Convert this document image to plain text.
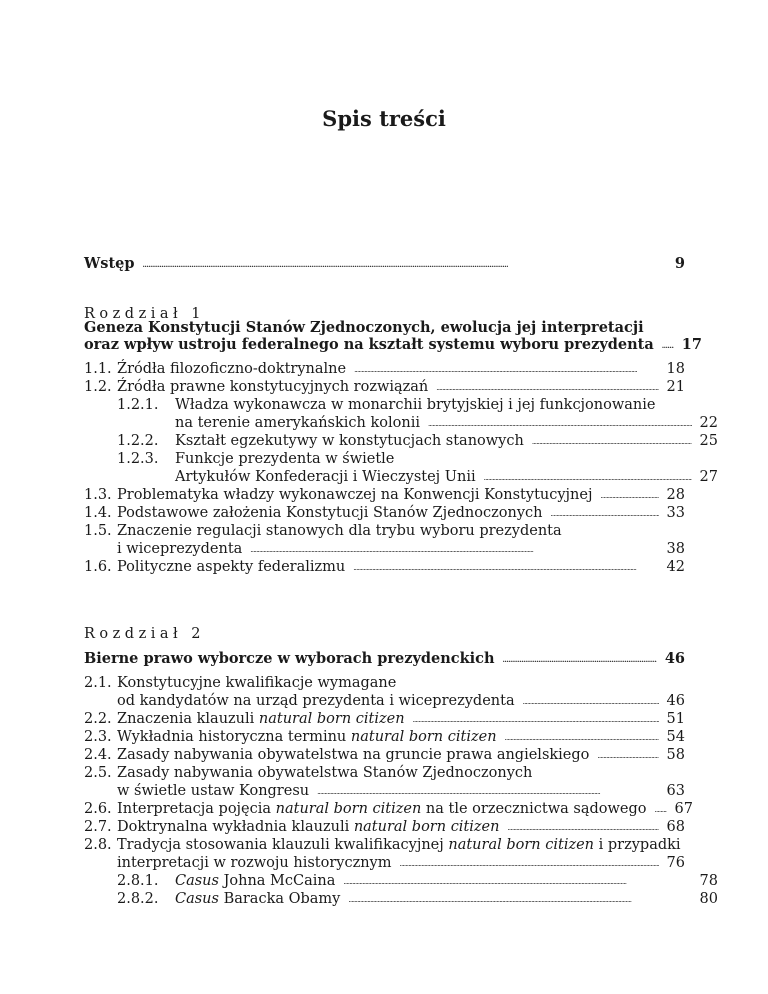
Spis treści
Wstęp . . .	9
Rozdział 1
Geneza Konstytucji Stanów Zjednoczonych, ewolucja jej interpretacji
oraz wpływ ustroju federalnego na kształt systemu wyboru prezydenta . . . 17
1.1. Źródła filozoficzno-doktrynalne . . .	18
1.2. Źródła prawne konstytucyjnych rozwiązań . . .	21
1.2.1.	Władza wykonawcza w monarchii brytyjskiej i jej funkcjonowanie
na terenie amerykańskich kolonii . . .	22
1.2.2.	Kształt egzekutywy w konstytucjach stanowych . . .	25
1.2.3.	Funkcje prezydenta w świetle
Artykułów Konfederacji i Wieczystej Unii . . .	27
1.3. Problematyka władzy wykonawczej na Konwencji Konstytucyjnej . . .	28
1.4. Podstawowe założenia Konstytucji Stanów Zjednoczonych . . .	33
1.5. Znaczenie regulacji stanowych dla trybu wyboru prezydenta
i wiceprezydenta . . .	38
1.6. Polityczne aspekty federalizmu . . .	42
Rozdział 2
Bierne prawo wyborcze w wyborach prezydenckich . . .	46
2.1. Konstytucyjne kwalifikacje wymagane
od kandydatów na urząd prezydenta i wiceprezydenta . . .	46
2.2. Znaczenia klauzuli natural born citizen . . .	51
2.3. Wykładnia historyczna terminu natural born citizen . . .	54
2.4. Zasady nabywania obywatelstwa na gruncie prawa angielskiego . . .	58
2.5. Zasady nabywania obywatelstwa Stanów Zjednoczonych
w świetle ustaw Kongresu . . .	63
2.6. Interpretacja pojęcia natural born citizen na tle orzecznictwa sądowego . . . 67
2.7. Doktrynalna wykładnia klauzuli natural born citizen . . .	68
2.8. Tradycja stosowania klauzuli kwalifikacyjnej natural born citizen i przypadki
interpretacji w rozwoju historycznym . . .	76
2.8.1.	Casus Johna McCaina . . .	78
2.8.2.	Casus Baracka Obamy . . .	80
